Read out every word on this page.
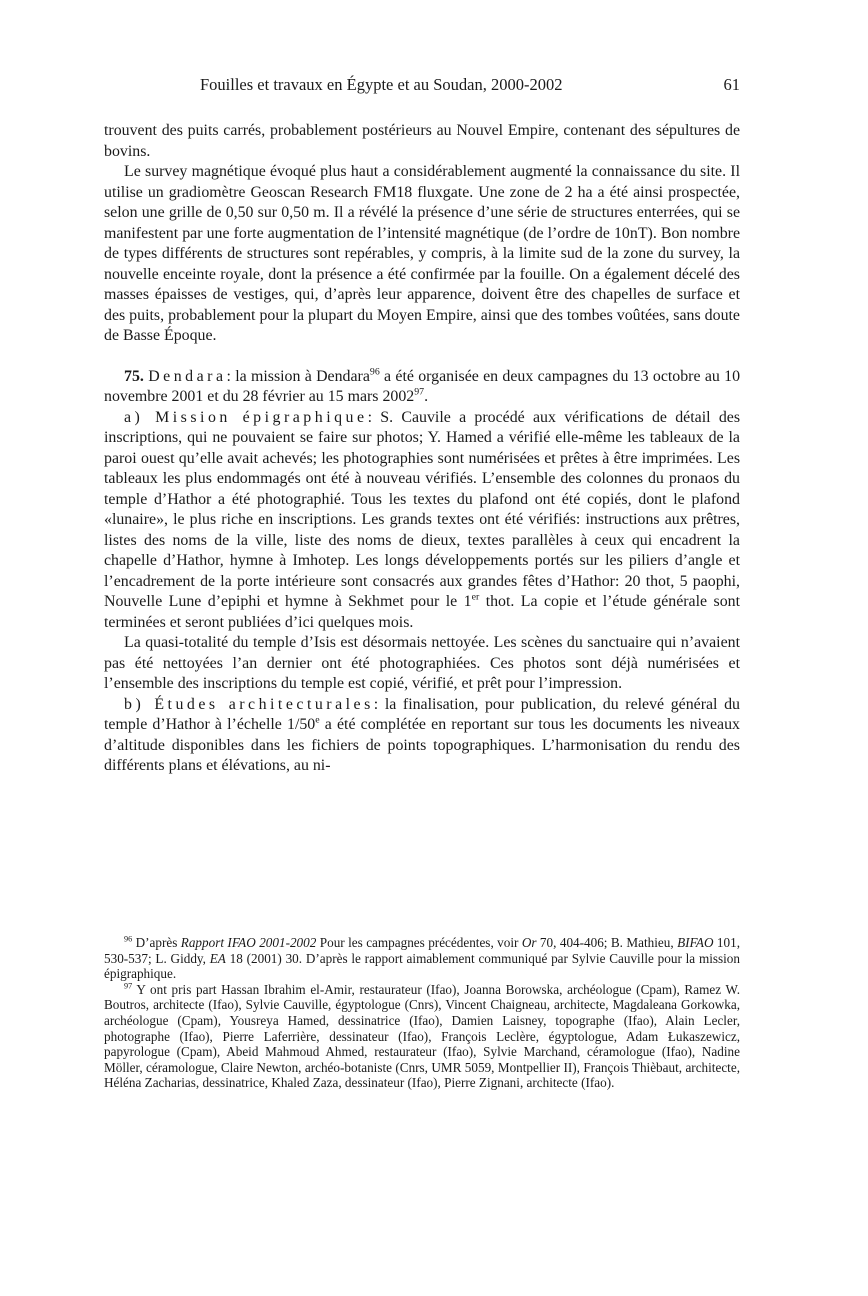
Fouilles et travaux en Égypte et au Soudan, 2000-2002	61

trouvent des puits carrés, probablement postérieurs au Nouvel Empire, contenant des sépultures de bovins.

Le survey magnétique évoqué plus haut a considérablement augmenté la connaissance du site. Il utilise un gradiomètre Geoscan Research FM18 fluxgate. Une zone de 2 ha a été ainsi prospectée, selon une grille de 0,50 sur 0,50 m. Il a révélé la présence d’une série de structures enterrées, qui se manifestent par une forte augmentation de l’intensité magnétique (de l’ordre de 10nT). Bon nombre de types différents de structures sont repérables, y compris, à la limite sud de la zone du survey, la nouvelle enceinte royale, dont la présence a été confirmée par la fouille. On a également décelé des masses épaisses de vestiges, qui, d’après leur apparence, doivent être des chapelles de surface et des puits, probablement pour la plupart du Moyen Empire, ainsi que des tombes voûtées, sans doute de Basse Époque.

75. Dendara: la mission à Dendara$^{96}$ a été organisée en deux campagnes du 13 octobre au 10 novembre 2001 et du 28 février au 15 mars 2002$^{97}$.

a) Mission épigraphique: S. Cauvile a procédé aux vérifications de détail des inscriptions, qui ne pouvaient se faire sur photos; Y. Hamed a vérifié elle-même les tableaux de la paroi ouest qu’elle avait achevés; les photographies sont numérisées et prêtes à être imprimées. Les tableaux les plus endommagés ont été à nouveau vérifiés. L’ensemble des colonnes du pronaos du temple d’Hathor a été photographié. Tous les textes du plafond ont été copiés, dont le plafond «lunaire», le plus riche en inscriptions. Les grands textes ont été vérifiés: instructions aux prêtres, listes des noms de la ville, liste des noms de dieux, textes parallèles à ceux qui encadrent la chapelle d’Hathor, hymne à Imhotep. Les longs développements portés sur les piliers d’angle et l’encadrement de la porte intérieure sont consacrés aux grandes fêtes d’Hathor: 20 thot, 5 paophi, Nouvelle Lune d’epiphi et hymne à Sekhmet pour le 1er thot. La copie et l’étude générale sont terminées et seront publiées d’ici quelques mois.

La quasi-totalité du temple d’Isis est désormais nettoyée. Les scènes du sanctuaire qui n’avaient pas été nettoyées l’an dernier ont été photographiées. Ces photos sont déjà numérisées et l’ensemble des inscriptions du temple est copié, vérifié, et prêt pour l’impression.

b) Études architecturales: la finalisation, pour publication, du relevé général du temple d’Hathor à l’échelle 1/50e a été complétée en reportant sur tous les documents les niveaux d’altitude disponibles dans les fichiers de points topographiques. L’harmonisation du rendu des différents plans et élévations, au ni-

$^{96}$ D’après Rapport IFAO 2001-2002 Pour les campagnes précédentes, voir Or 70, 404-406; B. Mathieu, BIFAO 101, 530-537; L. Giddy, EA 18 (2001) 30. D’après le rapport aimablement communiqué par Sylvie Cauville pour la mission épigraphique.

$^{97}$ Y ont pris part Hassan Ibrahim el-Amir, restaurateur (Ifao), Joanna Borowska, archéologue (Cpam), Ramez W. Boutros, architecte (Ifao), Sylvie Cauville, égyptologue (Cnrs), Vincent Chaigneau, architecte, Magdaleana Gorkowka, archéologue (Cpam), Yousreya Hamed, dessinatrice (Ifao), Damien Laisney, topographe (Ifao), Alain Lecler, photographe (Ifao), Pierre Laferrière, dessinateur (Ifao), François Leclère, égyptologue, Adam Łukaszewicz, papyrologue (Cpam), Abeid Mahmoud Ahmed, restaurateur (Ifao), Sylvie Marchand, céramologue (Ifao), Nadine Möller, céramologue, Claire Newton, archéo-botaniste (Cnrs, UMR 5059, Montpellier II), François Thièbaut, architecte, Héléna Zacharias, dessinatrice, Khaled Zaza, dessinateur (Ifao), Pierre Zignani, architecte (Ifao).
